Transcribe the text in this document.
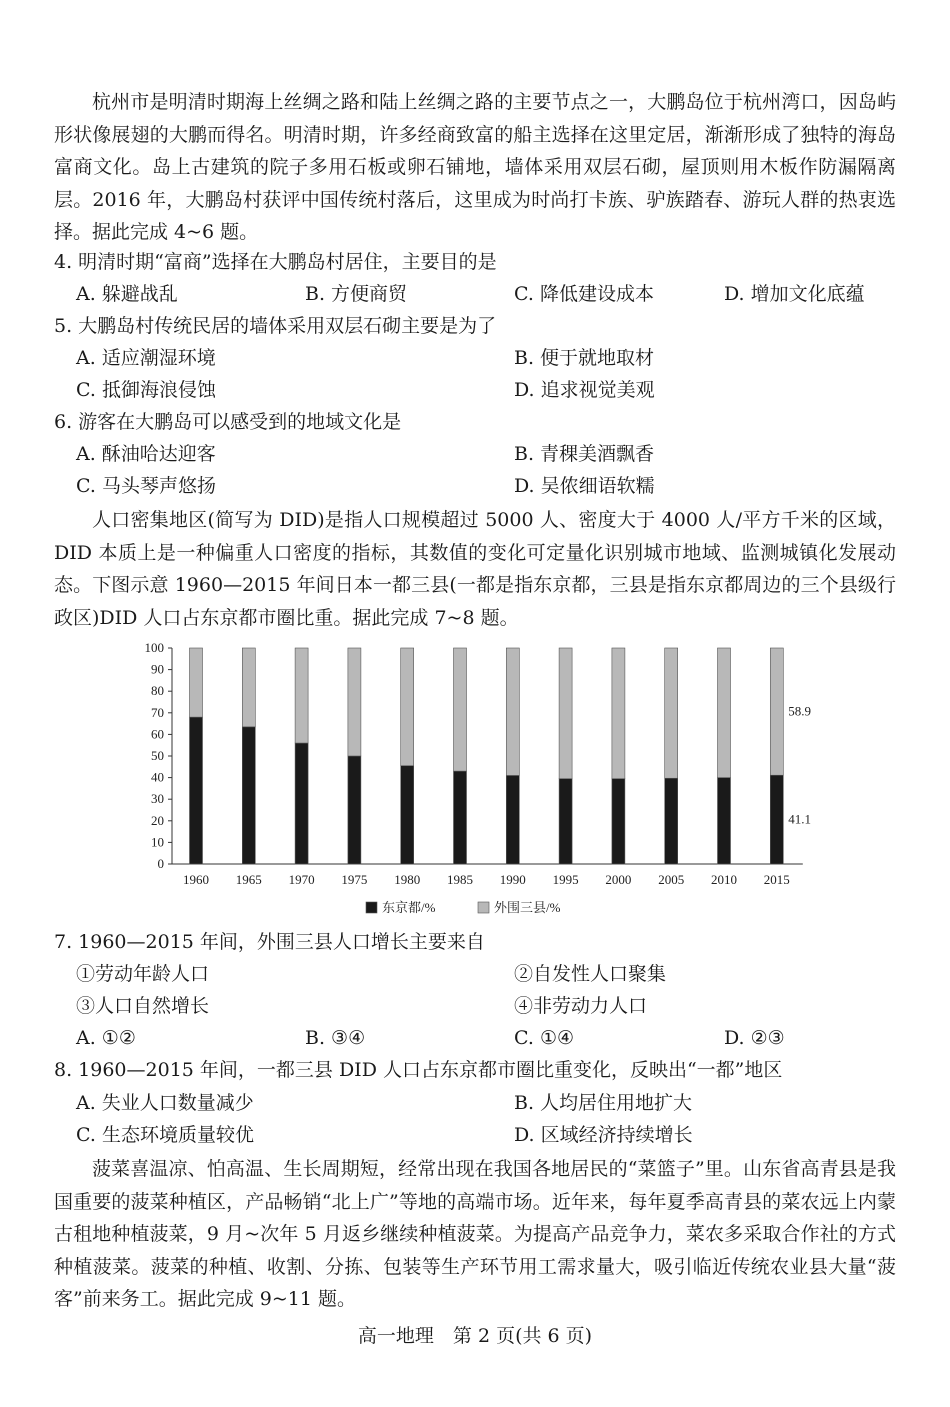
杭州市是明清时期海上丝绸之路和陆上丝绸之路的主要节点之一，大鹏岛位于杭州湾口，因岛屿形状像展翅的大鹏而得名。明清时期，许多经商致富的船主选择在这里定居，渐渐形成了独特的海岛富商文化。岛上古建筑的院子多用石板或卵石铺地，墙体采用双层石砌，屋顶则用木板作防漏隔离层。2016 年，大鹏岛村获评中国传统村落后，这里成为时尚打卡族、驴族踏春、游玩人群的热衷选择。据此完成 4~6 题。

4. 明清时期“富商”选择在大鹏岛村居住，主要目的是

A. 躲避战乱	B. 方便商贸	C. 降低建设成本	D. 增加文化底蕴

5. 大鹏岛村传统民居的墙体采用双层石砌主要是为了

A. 适应潮湿环境	B. 便于就地取材
C. 抵御海浪侵蚀	D. 追求视觉美观

6. 游客在大鹏岛可以感受到的地域文化是

A. 酥油哈达迎客	B. 青稞美酒飘香
C. 马头琴声悠扬	D. 吴侬细语软糯

人口密集地区(简写为 DID)是指人口规模超过 5000 人、密度大于 4000 人/平方千米的区域，DID 本质上是一种偏重人口密度的指标，其数值的变化可定量化识别城市地域、监测城镇化发展动态。下图示意 1960—2015 年间日本一都三县(一都是指东京都，三县是指东京都周边的三个县级行政区)DID 人口占东京都市圈比重。据此完成 7~8 题。

0
10
20
30
40
50
60
70
80
90
100
1960 1965 1970 1975 1980 1985 1990 1995 2000 2005 2010 2015
58.9
41.1
东京都/%	外围三县/%

7. 1960—2015 年间，外围三县人口增长主要来自

①劳动年龄人口	②自发性人口聚集
③人口自然增长	④非劳动力人口
A. ①②	B. ③④	C. ①④	D. ②③

8. 1960—2015 年间，一都三县 DID 人口占东京都市圈比重变化，反映出“一都”地区

A. 失业人口数量减少	B. 人均居住用地扩大
C. 生态环境质量较优	D. 区域经济持续增长

菠菜喜温凉、怕高温、生长周期短，经常出现在我国各地居民的“菜篮子”里。山东省高青县是我国重要的菠菜种植区，产品畅销“北上广”等地的高端市场。近年来，每年夏季高青县的菜农远上内蒙古租地种植菠菜，9 月~次年 5 月返乡继续种植菠菜。为提高产品竞争力，菜农多采取合作社的方式种植菠菜。菠菜的种植、收割、分拣、包装等生产环节用工需求量大，吸引临近传统农业县大量“菠客”前来务工。据此完成 9~11 题。

高一地理　第 2 页(共 6 页)
